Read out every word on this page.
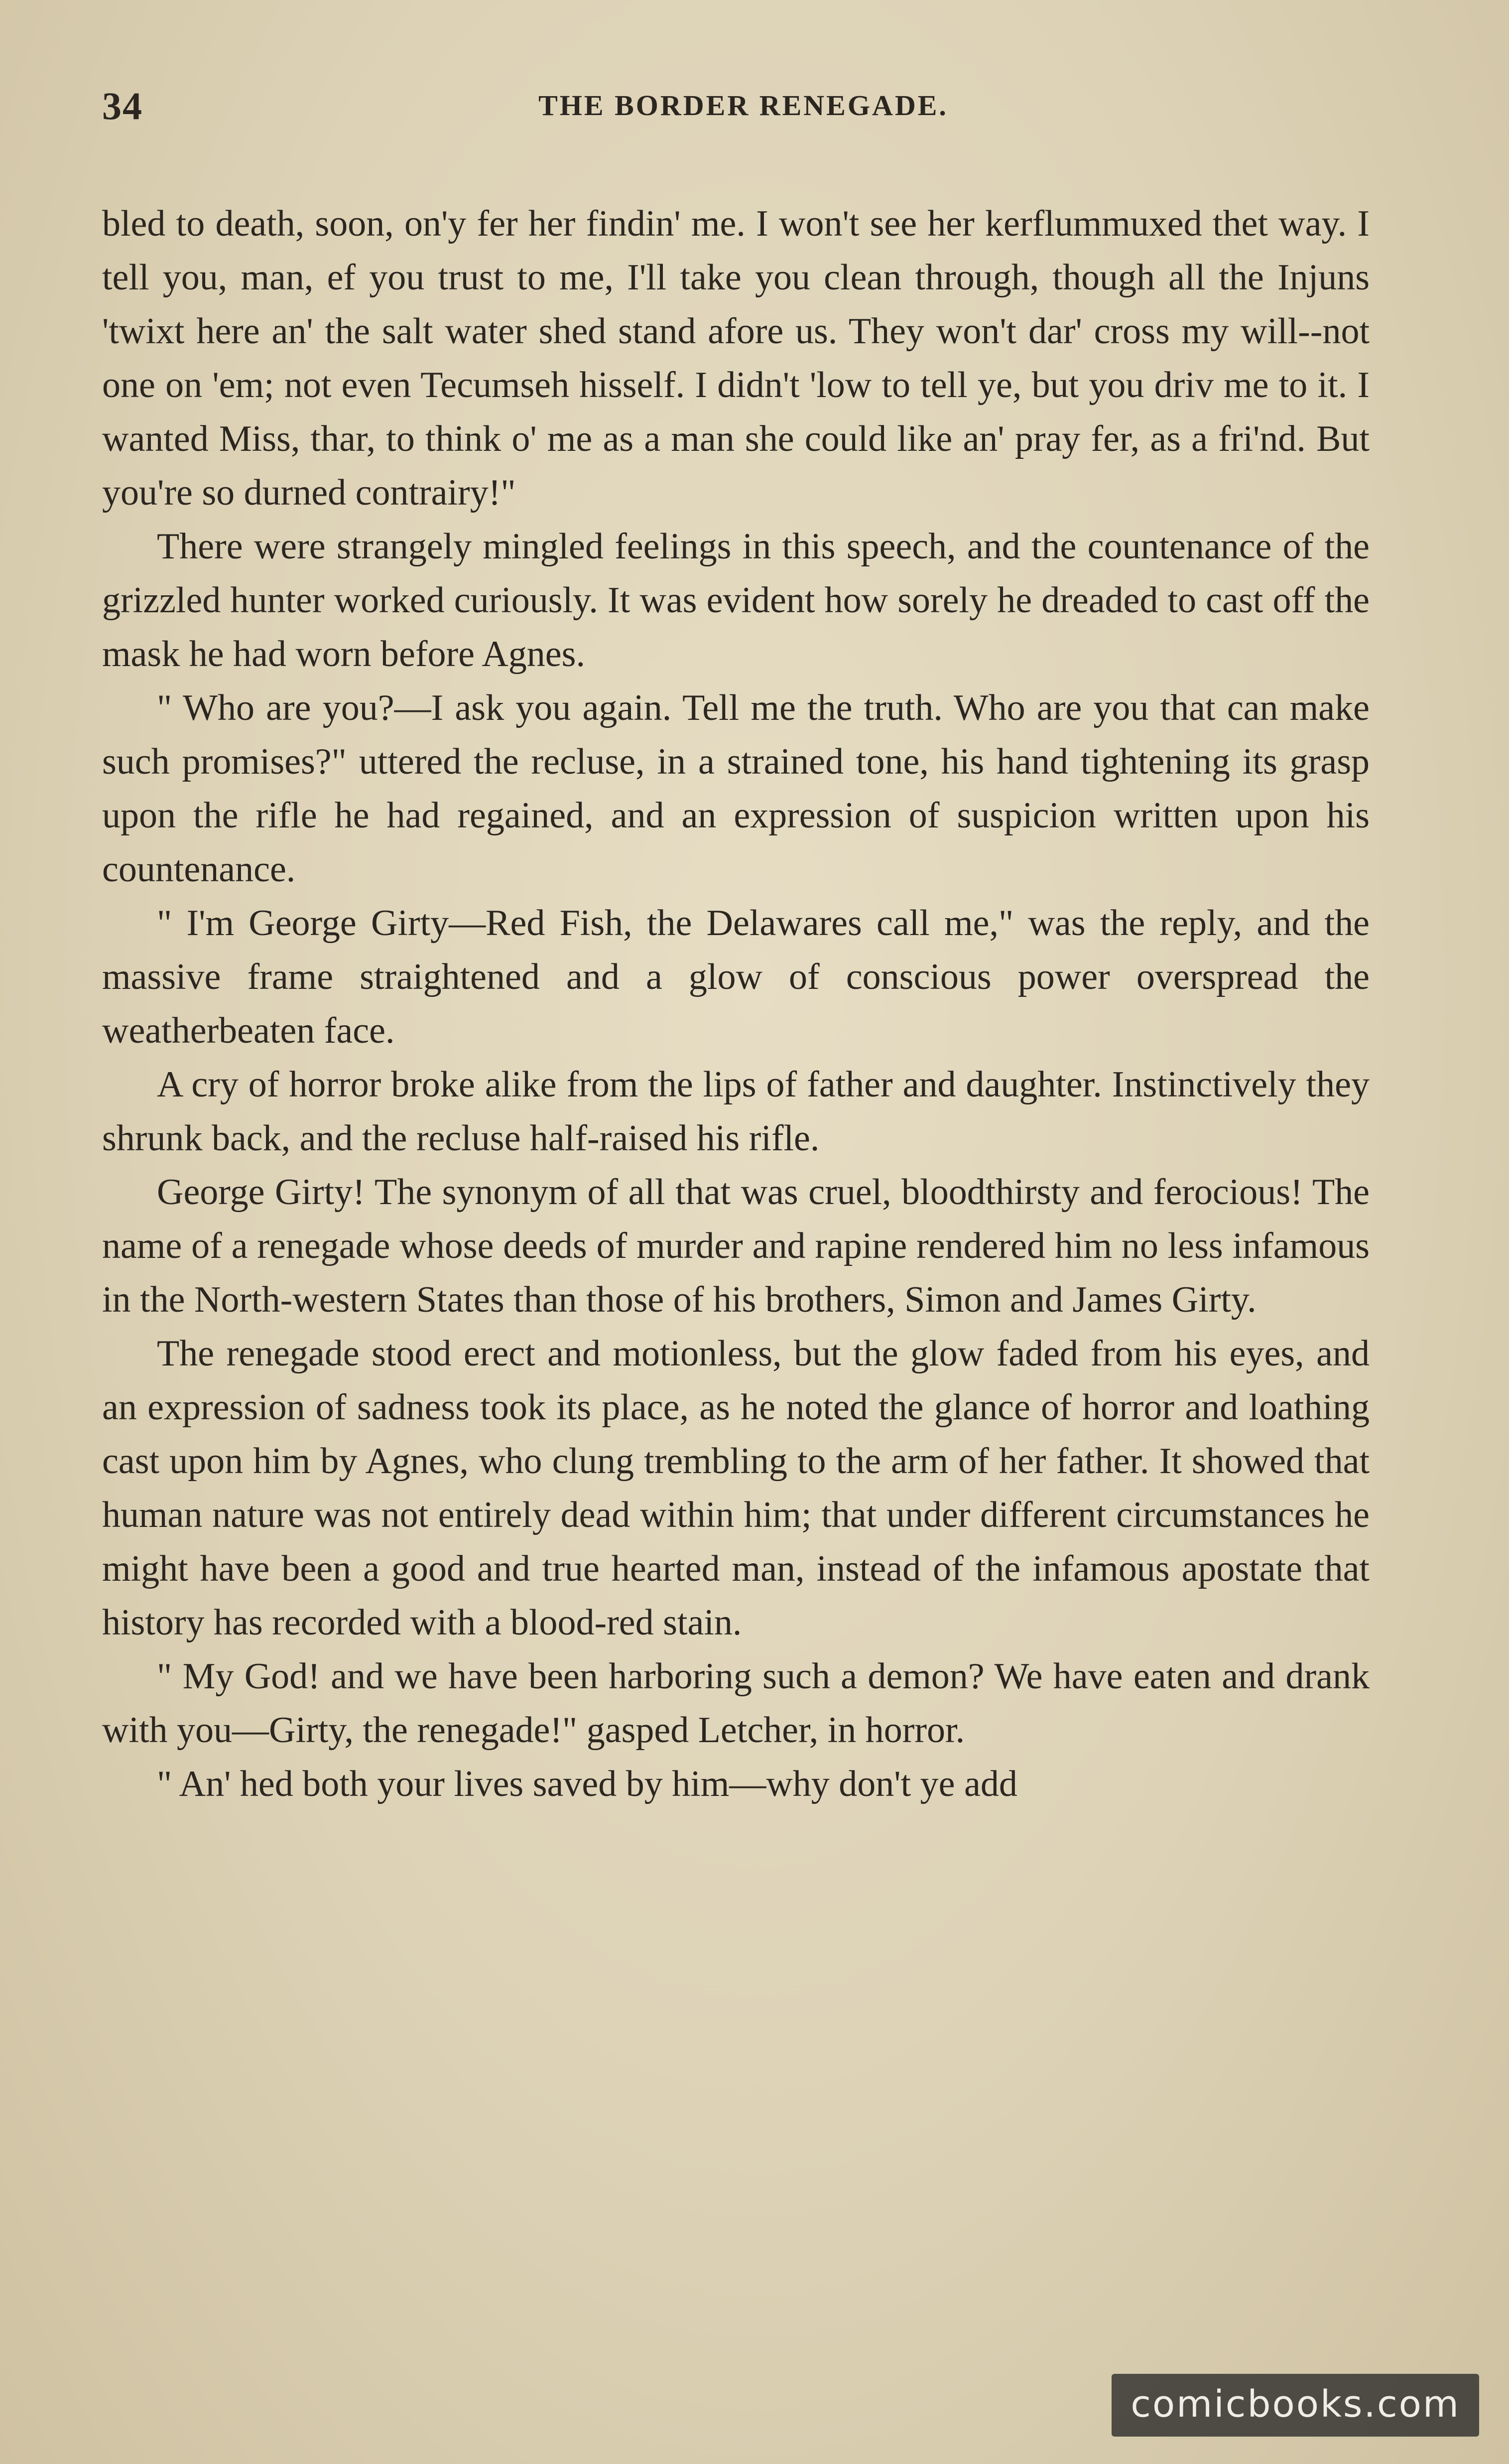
34	THE BORDER RENEGADE.

bled to death, soon, on'y fer her findin' me. I won't see her kerflummuxed thet way. I tell you, man, ef you trust to me, I'll take you clean through, though all the Injuns 'twixt here an' the salt water shed stand afore us. They won't dar' cross my will--not one on 'em; not even Tecumseh hisself. I didn't 'low to tell ye, but you driv me to it. I wanted Miss, thar, to think o' me as a man she could like an' pray fer, as a fri'nd. But you're so durned contrairy!"

There were strangely mingled feelings in this speech, and the countenance of the grizzled hunter worked curiously. It was evident how sorely he dreaded to cast off the mask he had worn before Agnes.

" Who are you?—I ask you again. Tell me the truth. Who are you that can make such promises?" uttered the recluse, in a strained tone, his hand tightening its grasp upon the rifle he had regained, and an expression of suspicion written upon his countenance.

" I'm George Girty—Red Fish, the Delawares call me," was the reply, and the massive frame straightened and a glow of conscious power overspread the weatherbeaten face.

A cry of horror broke alike from the lips of father and daughter. Instinctively they shrunk back, and the recluse half-raised his rifle.

George Girty! The synonym of all that was cruel, bloodthirsty and ferocious! The name of a renegade whose deeds of murder and rapine rendered him no less infamous in the North-western States than those of his brothers, Simon and James Girty.

The renegade stood erect and motionless, but the glow faded from his eyes, and an expression of sadness took its place, as he noted the glance of horror and loathing cast upon him by Agnes, who clung trembling to the arm of her father. It showed that human nature was not entirely dead within him; that under different circumstances he might have been a good and true hearted man, instead of the infamous apostate that history has recorded with a blood-red stain.

" My God! and we have been harboring such a demon? We have eaten and drank with you—Girty, the renegade!" gasped Letcher, in horror.

" An' hed both your lives saved by him—why don't ye add

comicbooks.com
